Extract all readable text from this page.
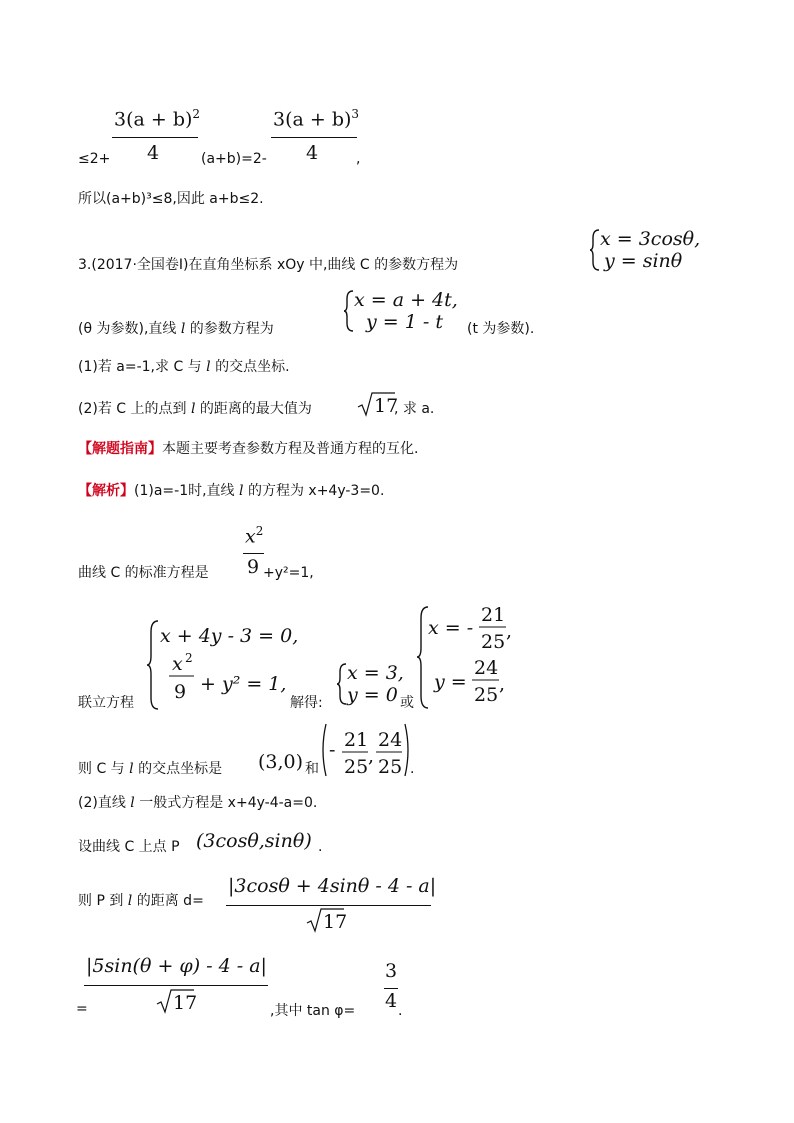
≤2+
$3(a + b)^2$
4	(a+b)=2-
$3(a + b)^3$
4	,
所以(a+b)³≤8,因此 a+b≤2.
3.(2017·全国卷Ⅰ)在直角坐标系 xOy 中,曲线 C 的参数方程为
x = 3cosθ,
y = sinθ
(θ 为参数),直线 l 的参数方程为
x = a + 4t,
y = 1 - t (t 为参数).
(1)若 a=-1,求 C 与 l 的交点坐标.
(2)若 C 上的点到 l 的距离的最大值为	17
, 求 a.
【解题指南】本题主要考查参数方程及普通方程的互化.
【解析】(1)a=-1时,直线 l 的方程为 x+4y-3=0.
曲线 C 的标准方程是
$x^2$
9 +y²=1,
联立方程
x + 4y - 3 = 0,
x 2
9 + y² = 1,
解得:
x = 3,
y = 0 或
x = -
21
25 ,
y =
24
25 ,
则 C 与 l 的交点坐标是 (3,0) 和
- 21
25 ,
24
25 .
(2)直线 l 一般式方程是 x+4y-4-a=0.
设曲线 C 上点 P (3cosθ,sinθ) .
则 P 到 l 的距离 d=
|3cosθ + 4sinθ - 4 - a|
17
=
|5sin(θ + φ) - 4 - a|
17	,其中 tan φ=
3
4 .
